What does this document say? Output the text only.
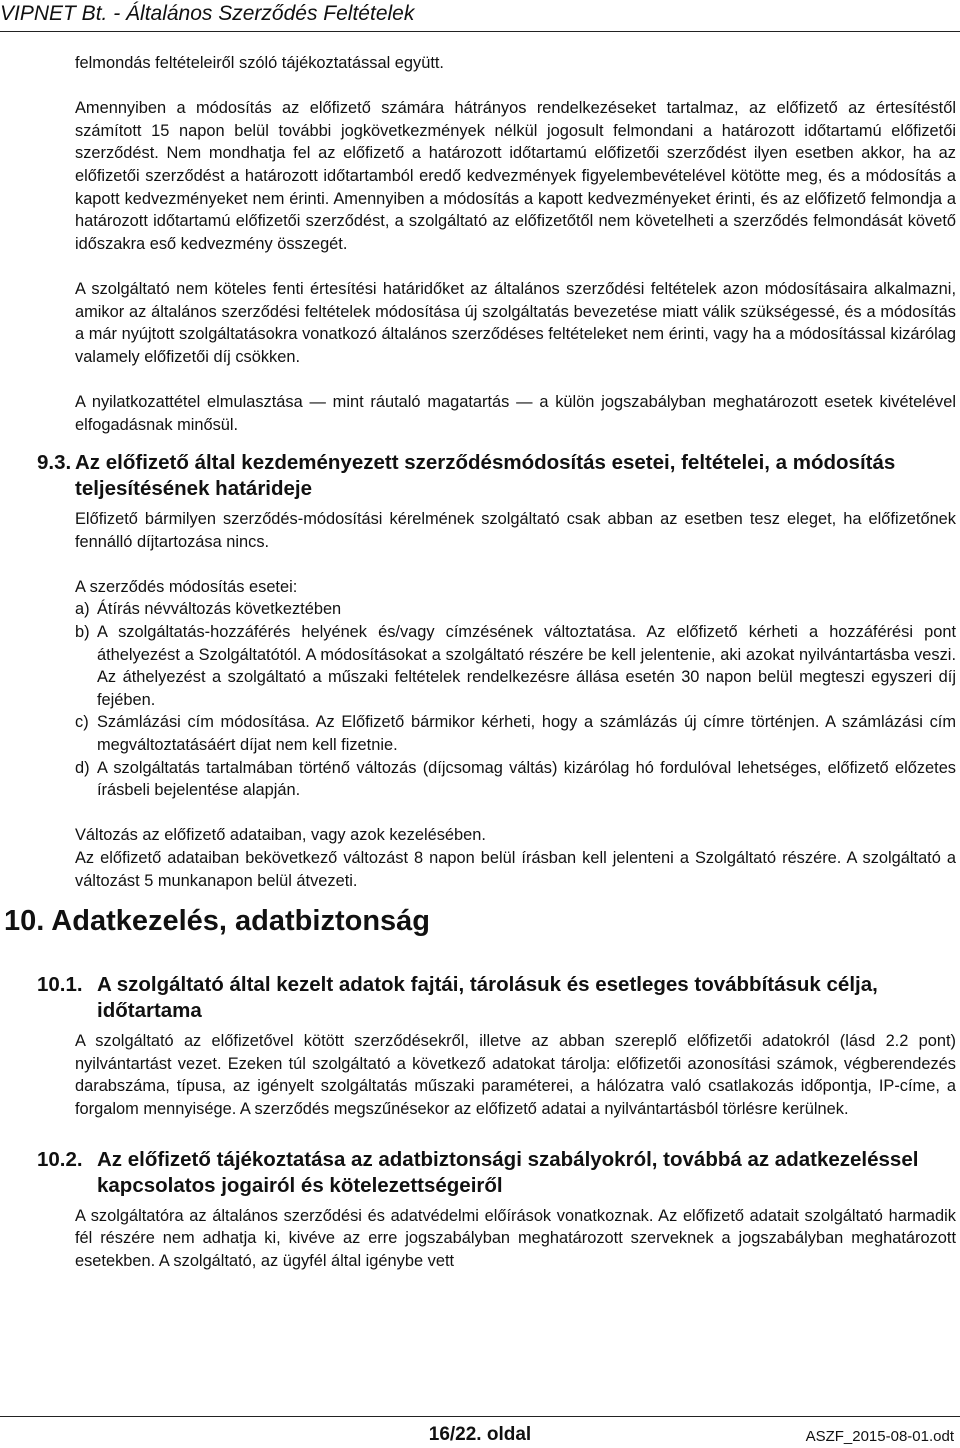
VIPNET Bt. - Általános Szerződés Feltételek

felmondás feltételeiről szóló tájékoztatással együtt.

Amennyiben a módosítás az előfizető számára hátrányos rendelkezéseket tartalmaz, az előfizető az értesítéstől számított 15 napon belül további jogkövetkezmények nélkül jogosult felmondani a határozott időtartamú előfizetői szerződést. Nem mondhatja fel az előfizető a határozott időtartamú előfizetői szerződést ilyen esetben akkor, ha az előfizetői szerződést a határozott időtartamból eredő kedvezmények figyelembevételével kötötte meg, és a módosítás a kapott kedvezményeket nem érinti. Amennyiben a módosítás a kapott kedvezményeket érinti, és az előfizető felmondja a határozott időtartamú előfizetői szerződést, a szolgáltató az előfizetőtől nem követelheti a szerződés felmondását követő időszakra eső kedvezmény összegét.

A szolgáltató nem köteles fenti értesítési határidőket az általános szerződési feltételek azon módosításaira alkalmazni, amikor az általános szerződési feltételek módosítása új szolgáltatás bevezetése miatt válik szükségessé, és a módosítás a már nyújtott szolgáltatásokra vonatkozó általános szerződéses feltételeket nem érinti, vagy ha a módosítással kizárólag valamely előfizetői díj csökken.

A nyilatkozattétel elmulasztása — mint ráutaló magatartás — a külön jogszabályban meghatározott esetek kivételével elfogadásnak minősül.

9.3. Az előfizető által kezdeményezett szerződésmódosítás esetei, feltételei, a módosítás teljesítésének határideje

Előfizető bármilyen szerződés-módosítási kérelmének szolgáltató csak abban az esetben tesz eleget, ha előfizetőnek fennálló díjtartozása nincs.

A szerződés módosítás esetei:

a) Átírás névváltozás következtében
b) A szolgáltatás-hozzáférés helyének és/vagy címzésének változtatása. Az előfizető kérheti a hozzáférési pont áthelyezést a Szolgáltatótól. A módosításokat a szolgáltató részére be kell jelentenie, aki azokat nyilvántartásba veszi. Az áthelyezést a szolgáltató a műszaki feltételek rendelkezésre állása esetén 30 napon belül megteszi egyszeri díj fejében.
c) Számlázási cím módosítása. Az Előfizető bármikor kérheti, hogy a számlázás új címre történjen. A számlázási cím megváltoztatásáért díjat nem kell fizetnie.
d) A szolgáltatás tartalmában történő változás (díjcsomag váltás) kizárólag hó fordulóval lehetséges, előfizető előzetes írásbeli bejelentése alapján.

Változás az előfizető adataiban, vagy azok kezelésében.

Az előfizető adataiban bekövetkező változást 8 napon belül írásban kell jelenteni a Szolgáltató részére. A szolgáltató a változást 5 munkanapon belül átvezeti.

10. Adatkezelés, adatbiztonság
10.1. A szolgáltató által kezelt adatok fajtái, tárolásuk és esetleges továbbításuk célja, időtartama

A szolgáltató az előfizetővel kötött szerződésekről, illetve az abban szereplő előfizetői adatokról (lásd 2.2 pont) nyilvántartást vezet. Ezeken túl szolgáltató a következő adatokat tárolja: előfizetői azonosítási számok, végberendezés darabszáma, típusa, az igényelt szolgáltatás műszaki paraméterei, a hálózatra való csatlakozás időpontja, IP-címe, a forgalom mennyisége. A szerződés megszűnésekor az előfizető adatai a nyilvántartásból törlésre kerülnek.

10.2. Az előfizető tájékoztatása az adatbiztonsági szabályokról, továbbá az adatkezeléssel kapcsolatos jogairól és kötelezettségeiről

A szolgáltatóra az általános szerződési és adatvédelmi előírások vonatkoznak. Az előfizető adatait szolgáltató harmadik fél részére nem adhatja ki, kivéve az erre jogszabályban meghatározott szerveknek a jogszabályban meghatározott esetekben. A szolgáltató, az ügyfél által igénybe vett

16/22. oldal	ASZF_2015-08-01.odt
